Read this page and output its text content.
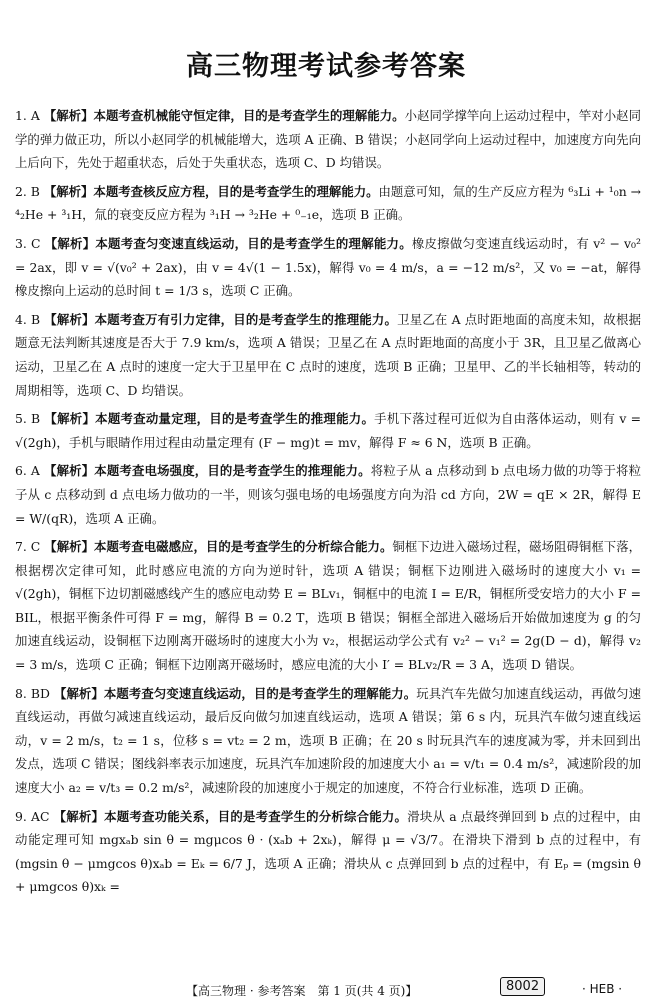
高三物理考试参考答案
1. A 【解析】本题考查机械能守恒定律，目的是考查学生的理解能力。小赵同学撑竿向上运动过程中，竿对小赵同学的弹力做正功，所以小赵同学的机械能增大，选项 A 正确、B 错误；小赵同学向上运动过程中，加速度方向先向上后向下，先处于超重状态，后处于失重状态，选项 C、D 均错误。
2. B 【解析】本题考查核反应方程，目的是考查学生的理解能力。由题意可知，氚的生产反应方程为 ⁶₃Li + ¹₀n → ⁴₂He + ³₁H，氚的衰变反应方程为 ³₁H → ³₂He + ⁰₋₁e，选项 B 正确。
3. C 【解析】本题考查匀变速直线运动，目的是考查学生的理解能力。橡皮擦做匀变速直线运动时，有 v² − v₀² = 2ax，即 v = √(v₀² + 2ax)，由 v = 4√(1 − 1.5x)，解得 v₀ = 4 m/s，a = −12 m/s²，又 v₀ = −at，解得橡皮擦向上运动的总时间 t = 1/3 s，选项 C 正确。
4. B 【解析】本题考查万有引力定律，目的是考查学生的推理能力。卫星乙在 A 点时距地面的高度未知，故根据题意无法判断其速度是否大于 7.9 km/s，选项 A 错误；卫星乙在 A 点时距地面的高度小于 3R，且卫星乙做离心运动，卫星乙在 A 点时的速度一定大于卫星甲在 C 点时的速度，选项 B 正确；卫星甲、乙的半长轴相等，转动的周期相等，选项 C、D 均错误。
5. B 【解析】本题考查动量定理，目的是考查学生的推理能力。手机下落过程可近似为自由落体运动，则有 v = √(2gh)，手机与眼睛作用过程由动量定理有 (F − mg)t = mv，解得 F ≈ 6 N，选项 B 正确。
6. A 【解析】本题考查电场强度，目的是考查学生的推理能力。将粒子从 a 点移动到 b 点电场力做的功等于将粒子从 c 点移动到 d 点电场力做功的一半，则该匀强电场的电场强度方向为沿 cd 方向，2W = qE × 2R，解得 E = W/(qR)，选项 A 正确。
7. C 【解析】本题考查电磁感应，目的是考查学生的分析综合能力。铜框下边进入磁场过程，磁场阻碍铜框下落，根据楞次定律可知，此时感应电流的方向为逆时针，选项 A 错误；铜框下边刚进入磁场时的速度大小 v₁ = √(2gh)，铜框下边切割磁感线产生的感应电动势 E = BLv₁，铜框中的电流 I = E/R，铜框所受安培力的大小 F = BIL，根据平衡条件可得 F = mg，解得 B = 0.2 T，选项 B 错误；铜框全部进入磁场后开始做加速度为 g 的匀加速直线运动，设铜框下边刚离开磁场时的速度大小为 v₂，根据运动学公式有 v₂² − v₁² = 2g(D − d)，解得 v₂ = 3 m/s，选项 C 正确；铜框下边刚离开磁场时，感应电流的大小 I′ = BLv₂/R = 3 A，选项 D 错误。
8. BD 【解析】本题考查匀变速直线运动，目的是考查学生的理解能力。玩具汽车先做匀加速直线运动，再做匀速直线运动，再做匀减速直线运动，最后反向做匀加速直线运动，选项 A 错误；第 6 s 内，玩具汽车做匀速直线运动，v = 2 m/s，t₂ = 1 s，位移 s = vt₂ = 2 m，选项 B 正确；在 20 s 时玩具汽车的速度减为零，并未回到出发点，选项 C 错误；图线斜率表示加速度，玩具汽车加速阶段的加速度大小 a₁ = v/t₁ = 0.4 m/s²，减速阶段的加速度大小 a₂ = v/t₃ = 0.2 m/s²，减速阶段的加速度小于规定的加速度，不符合行业标准，选项 D 正确。
9. AC 【解析】本题考查功能关系，目的是考查学生的分析综合能力。滑块从 a 点最终弹回到 b 点的过程中，由动能定理可知 mgxₐb sin θ = mgμcos θ · (xₐb + 2xₖ)，解得 μ = √3/7。在滑块下滑到 b 点的过程中，有 (mgsin θ − μmgcos θ)xₐb = Eₖ = 6/7 J，选项 A 正确；滑块从 c 点弹回到 b 点的过程中，有 Eₚ = (mgsin θ + μmgcos θ)xₖ =
【高三物理 · 参考答案　第 1 页(共 4 页)】	8002	· HEB ·
